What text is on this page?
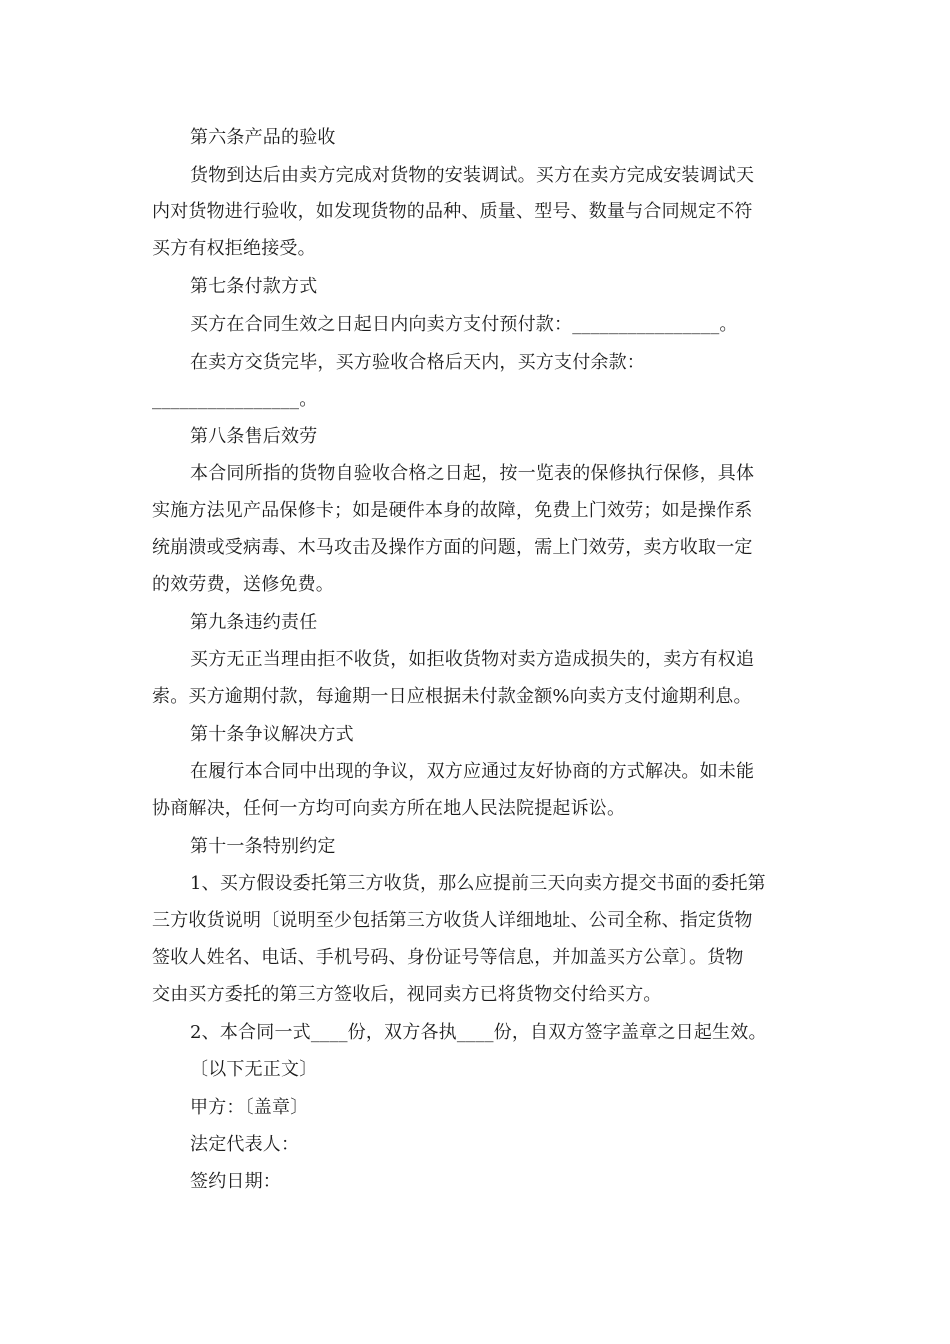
第六条产品的验收
货物到达后由卖方完成对货物的安装调试。买方在卖方完成安装调试天
内对货物进行验收，如发现货物的品种、质量、型号、数量与合同规定不符
买方有权拒绝接受。
第七条付款方式
买方在合同生效之日起日内向卖方支付预付款：________________。
在卖方交货完毕，买方验收合格后天内，买方支付余款：
________________。
第八条售后效劳
本合同所指的货物自验收合格之日起，按一览表的保修执行保修，具体
实施方法见产品保修卡；如是硬件本身的故障，免费上门效劳；如是操作系
统崩溃或受病毒、木马攻击及操作方面的问题，需上门效劳，卖方收取一定
的效劳费，送修免费。
第九条违约责任
买方无正当理由拒不收货，如拒收货物对卖方造成损失的，卖方有权追
索。买方逾期付款，每逾期一日应根据未付款金额%向卖方支付逾期利息。
第十条争议解决方式
在履行本合同中出现的争议，双方应通过友好协商的方式解决。如未能
协商解决，任何一方均可向卖方所在地人民法院提起诉讼。
第十一条特别约定
1、买方假设委托第三方收货，那么应提前三天向卖方提交书面的委托第
三方收货说明〔说明至少包括第三方收货人详细地址、公司全称、指定货物
签收人姓名、电话、手机号码、身份证号等信息，并加盖买方公章〕。货物
交由买方委托的第三方签收后，视同卖方已将货物交付给买方。
2、本合同一式____份，双方各执____份，自双方签字盖章之日起生效。
〔以下无正文〕
甲方：〔盖章〕
法定代表人：
签约日期：
